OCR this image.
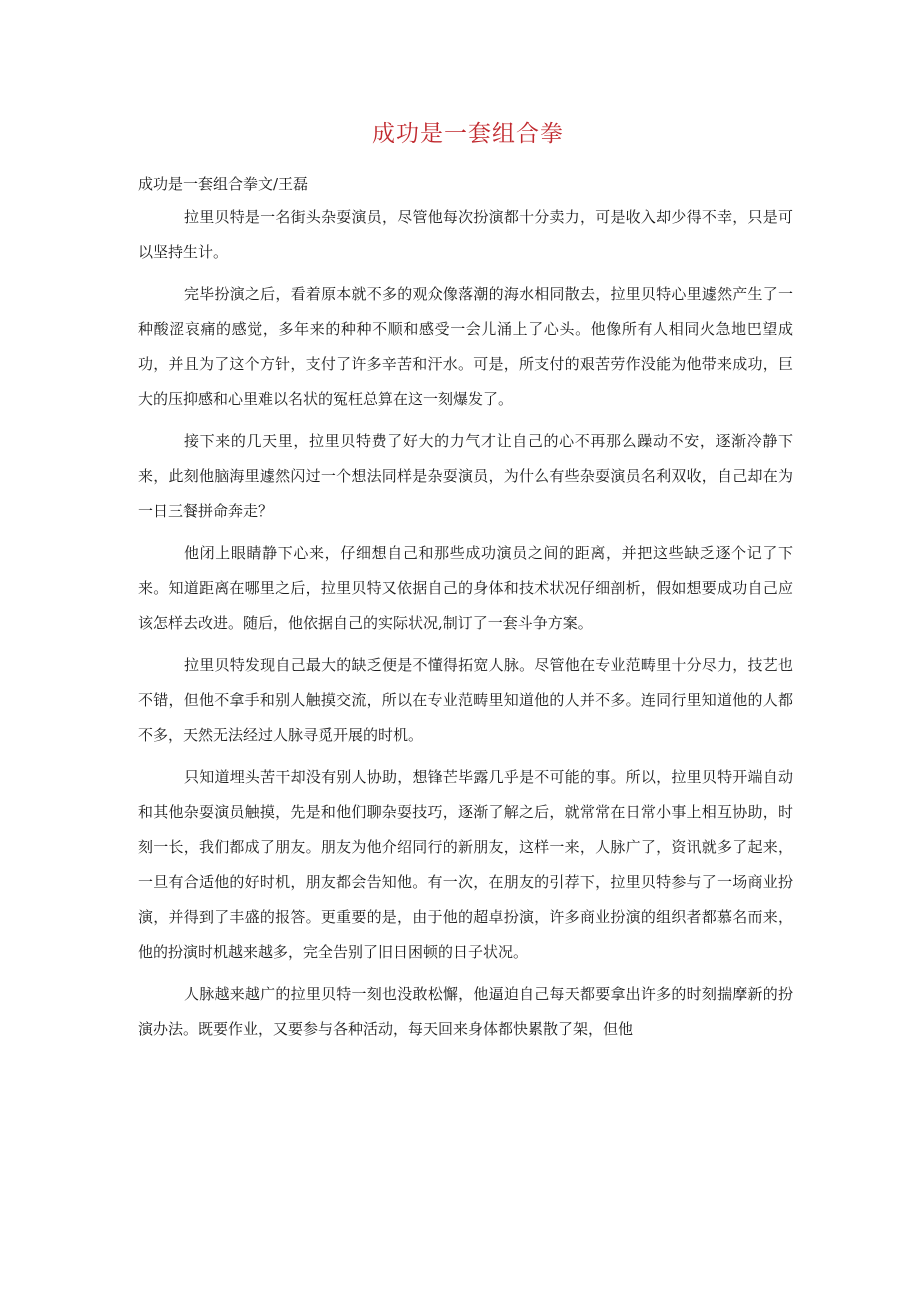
成功是一套组合拳

成功是一套组合拳文/王磊

拉里贝特是一名街头杂耍演员，尽管他每次扮演都十分卖力，可是收入却少得不幸，只是可以坚持生计。

完毕扮演之后，看着原本就不多的观众像落潮的海水相同散去，拉里贝特心里遽然产生了一种酸涩哀痛的感觉，多年来的种种不顺和感受一会儿涌上了心头。他像所有人相同火急地巴望成功，并且为了这个方针，支付了许多辛苦和汗水。可是，所支付的艰苦劳作没能为他带来成功，巨大的压抑感和心里难以名状的冤枉总算在这一刻爆发了。

接下来的几天里，拉里贝特费了好大的力气才让自己的心不再那么躁动不安，逐渐冷静下来，此刻他脑海里遽然闪过一个想法同样是杂耍演员，为什么有些杂耍演员名利双收，自己却在为一日三餐拼命奔走？

他闭上眼睛静下心来，仔细想自己和那些成功演员之间的距离，并把这些缺乏逐个记了下来。知道距离在哪里之后，拉里贝特又依据自己的身体和技术状况仔细剖析，假如想要成功自己应该怎样去改进。随后，他依据自己的实际状况,制订了一套斗争方案。

拉里贝特发现自己最大的缺乏便是不懂得拓宽人脉。尽管他在专业范畴里十分尽力，技艺也不错，但他不拿手和别人触摸交流，所以在专业范畴里知道他的人并不多。连同行里知道他的人都不多，天然无法经过人脉寻觅开展的时机。

只知道埋头苦干却没有别人协助，想锋芒毕露几乎是不可能的事。所以，拉里贝特开端自动和其他杂耍演员触摸，先是和他们聊杂耍技巧，逐渐了解之后，就常常在日常小事上相互协助，时刻一长，我们都成了朋友。朋友为他介绍同行的新朋友，这样一来，人脉广了，资讯就多了起来，一旦有合适他的好时机，朋友都会告知他。有一次，在朋友的引荐下，拉里贝特参与了一场商业扮演，并得到了丰盛的报答。更重要的是，由于他的超卓扮演，许多商业扮演的组织者都慕名而来，他的扮演时机越来越多，完全告别了旧日困顿的日子状况。

人脉越来越广的拉里贝特一刻也没敢松懈，他逼迫自己每天都要拿出许多的时刻揣摩新的扮演办法。既要作业，又要参与各种活动，每天回来身体都快累散了架，但他
